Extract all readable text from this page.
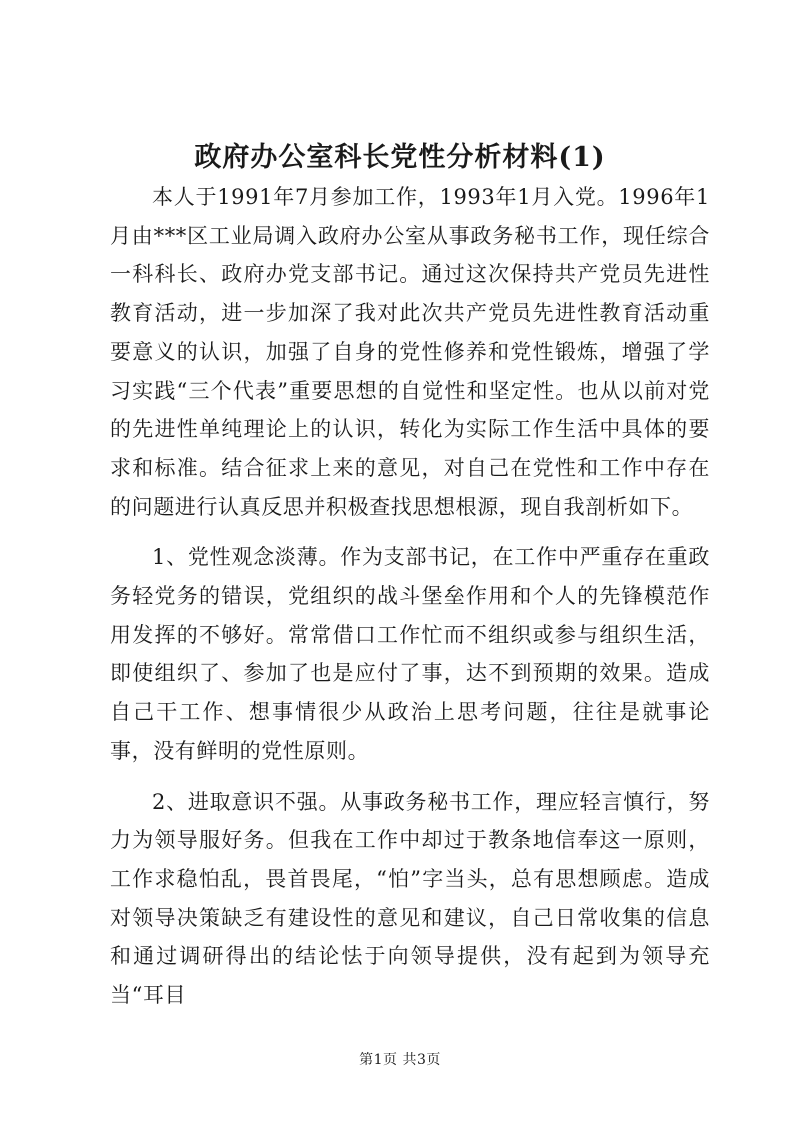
政府办公室科长党性分析材料(1)

本人于1991年7月参加工作，1993年1月入党。1996年1月由***区工业局调入政府办公室从事政务秘书工作，现任综合一科科长、政府办党支部书记。通过这次保持共产党员先进性教育活动，进一步加深了我对此次共产党员先进性教育活动重要意义的认识，加强了自身的党性修养和党性锻炼，增强了学习实践“三个代表”重要思想的自觉性和坚定性。也从以前对党的先进性单纯理论上的认识，转化为实际工作生活中具体的要求和标准。结合征求上来的意见，对自己在党性和工作中存在的问题进行认真反思并积极查找思想根源，现自我剖析如下。

1、党性观念淡薄。作为支部书记，在工作中严重存在重政务轻党务的错误，党组织的战斗堡垒作用和个人的先锋模范作用发挥的不够好。常常借口工作忙而不组织或参与组织生活，即使组织了、参加了也是应付了事，达不到预期的效果。造成自己干工作、想事情很少从政治上思考问题，往往是就事论事，没有鲜明的党性原则。

2、进取意识不强。从事政务秘书工作，理应轻言慎行，努力为领导服好务。但我在工作中却过于教条地信奉这一原则，工作求稳怕乱，畏首畏尾，“怕”字当头，总有思想顾虑。造成对领导决策缺乏有建设性的意见和建议，自己日常收集的信息和通过调研得出的结论怯于向领导提供，没有起到为领导充当“耳目

第1页 共3页
